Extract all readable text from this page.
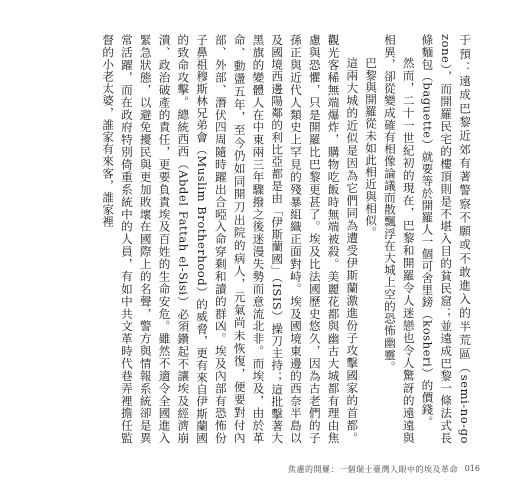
于預：遠成巴黎近郊有著警察不願或不敢進入的半荒區（semi-no-go zone），而開羅民宅的樓頂則是不堪入目的貧民窟；並遠成巴黎一條法式長條麵包（baguette）就要等於開羅人一個可舍里鎊（kosheri）的價錢。

然而，二十一世紀初的現在，巴黎和開羅令人迷戀也令人驚訝的遠遠與相異，卻從變成確有相像論議而散飄浮在大城上空的恐怖幽靈。

巴黎與開羅從未如此相近與相似。

這兩大城的近似是因為它們同為遭受伊斯蘭激進份子攻擊國家的首都。觀光客稀無端爆炸，購物吃飯時無端被殺。美麗花都與幽古大城都有理由焦慮與恐懼，只是開羅比巴黎更甚了。埃及比法國歷史悠久，因為古老們的子孫正與近代人類史上罕見的殘暴組織正面對峙。埃及國境東邊的西奈半島以及國境西邊陽鄰的利比亞都是由「伊斯蘭國」（ISIS）操刀主持；這批擊著大黑旗的變體人在中東兩三年驟撥之後迷漫失勢而意流北非。而埃及，由於革命、動盪五年，至今仍如同開刀出院的病人，元氣尚未恢復，便要對付內部、外部、潛伏四周隨時躍出合啞入命穿剩和讀的群凶。埃及內部有恐怖份子鼻祖穆斯林兄弟會（Muslim Brotherhood）的威脅，更有來自伊斯蘭國的致命攻擊。總統西西（Abdel Fattah el-Sisi）必須鑽起不讓埃及經濟崩潰、政治破產的責任，更要負責埃及百姓的生命安危。雖然不適令全國進入緊急狀態，以避免擾民與更加敗壞在國際上的名聲，警方與情報系統卻是異常活躍，而在政府特別倚重系統中的人員，有如中共文革時代巷弄裡擔任監督的小老太婆，誰家有來客，誰家裡

焦慮的開羅：一個瑞士臺灣人眼中的埃及革命 016
